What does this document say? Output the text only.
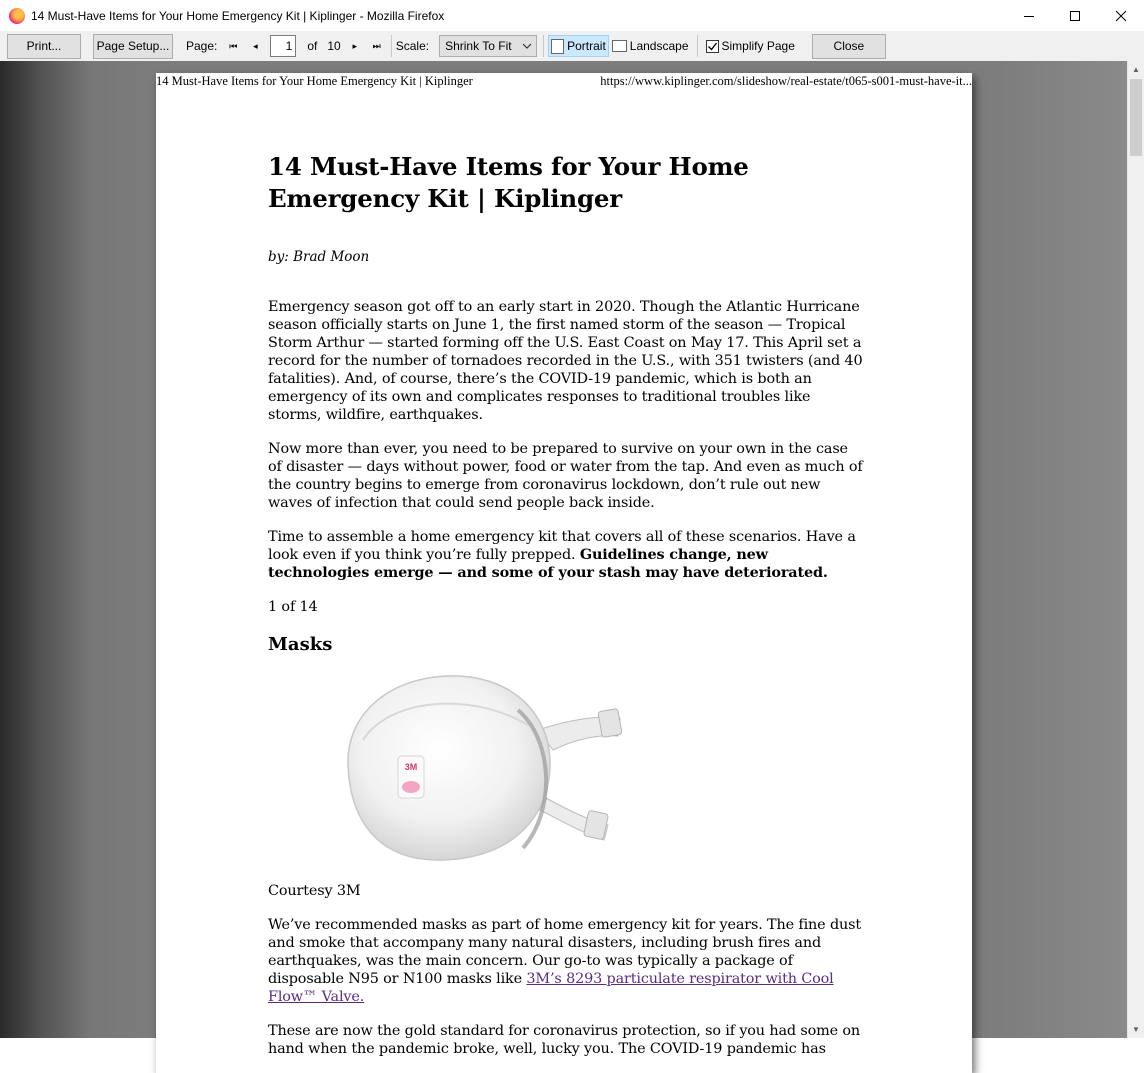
14 Must-Have Items for Your Home Emergency Kit | Kiplinger - Mozilla Firefox
Print...	Page Setup...	Page: ⏮ ◂	1	of 10 ▸ ⏭ Scale: Shrink To Fit	Portrait Landscape	Simplify Page	Close
14 Must-Have Items for Your Home Emergency Kit | Kiplinger	https://www.kiplinger.com/slideshow/real-estate/t065-s001-must-have-it...
14 Must-Have Items for Your Home Emergency Kit | Kiplinger
by: Brad Moon

Emergency season got off to an early start in 2020. Though the Atlantic Hurricane season officially starts on June 1, the first named storm of the season — Tropical Storm Arthur — started forming off the U.S. East Coast on May 17. This April set a record for the number of tornadoes recorded in the U.S., with 351 twisters (and 40 fatalities). And, of course, there’s the COVID-19 pandemic, which is both an emergency of its own and complicates responses to traditional troubles like storms, wildfire, earthquakes.

Now more than ever, you need to be prepared to survive on your own in the case of disaster — days without power, food or water from the tap. And even as much of the country begins to emerge from coronavirus lockdown, don’t rule out new waves of infection that could send people back inside.

Time to assemble a home emergency kit that covers all of these scenarios. Have a look even if you think you’re fully prepped. Guidelines change, new technologies emerge — and some of your stash may have deteriorated.

1 of 14

Masks
3M

Courtesy 3M

We’ve recommended masks as part of home emergency kit for years. The fine dust and smoke that accompany many natural disasters, including brush fires and earthquakes, was the main concern. Our go-to was typically a package of disposable N95 or N100 masks like 3M’s 8293 particulate respirator with Cool Flow™ Valve.

These are now the gold standard for coronavirus protection, so if you had some on hand when the pandemic broke, well, lucky you. The COVID-19 pandemic has

▲
▼
